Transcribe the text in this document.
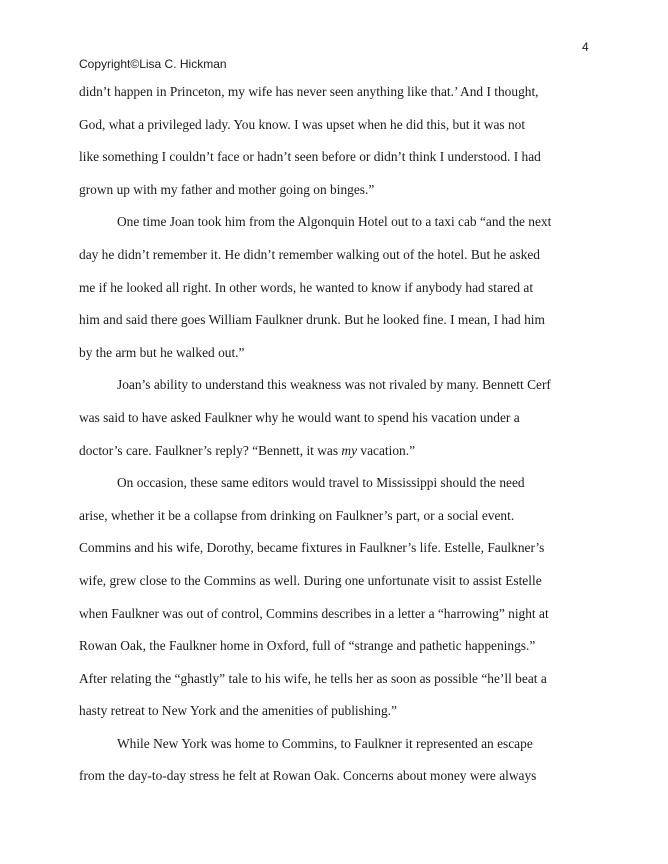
4
Copyright©Lisa C. Hickman

didn’t happen in Princeton, my wife has never seen anything like that.’ And I thought,
God, what a privileged lady. You know. I was upset when he did this, but it was not
like something I couldn’t face or hadn’t seen before or didn’t think I understood. I had
grown up with my father and mother going on binges.”

One time Joan took him from the Algonquin Hotel out to a taxi cab “and the next
day he didn’t remember it. He didn’t remember walking out of the hotel. But he asked
me if he looked all right. In other words, he wanted to know if anybody had stared at
him and said there goes William Faulkner drunk. But he looked fine. I mean, I had him
by the arm but he walked out.”

Joan’s ability to understand this weakness was not rivaled by many. Bennett Cerf
was said to have asked Faulkner why he would want to spend his vacation under a
doctor’s care. Faulkner’s reply? “Bennett, it was my vacation.”

On occasion, these same editors would travel to Mississippi should the need
arise, whether it be a collapse from drinking on Faulkner’s part, or a social event.
Commins and his wife, Dorothy, became fixtures in Faulkner’s life. Estelle, Faulkner’s
wife, grew close to the Commins as well. During one unfortunate visit to assist Estelle
when Faulkner was out of control, Commins describes in a letter a “harrowing” night at
Rowan Oak, the Faulkner home in Oxford, full of “strange and pathetic happenings.”
After relating the “ghastly” tale to his wife, he tells her as soon as possible “he’ll beat a
hasty retreat to New York and the amenities of publishing.”

While New York was home to Commins, to Faulkner it represented an escape
from the day-to-day stress he felt at Rowan Oak. Concerns about money were always
